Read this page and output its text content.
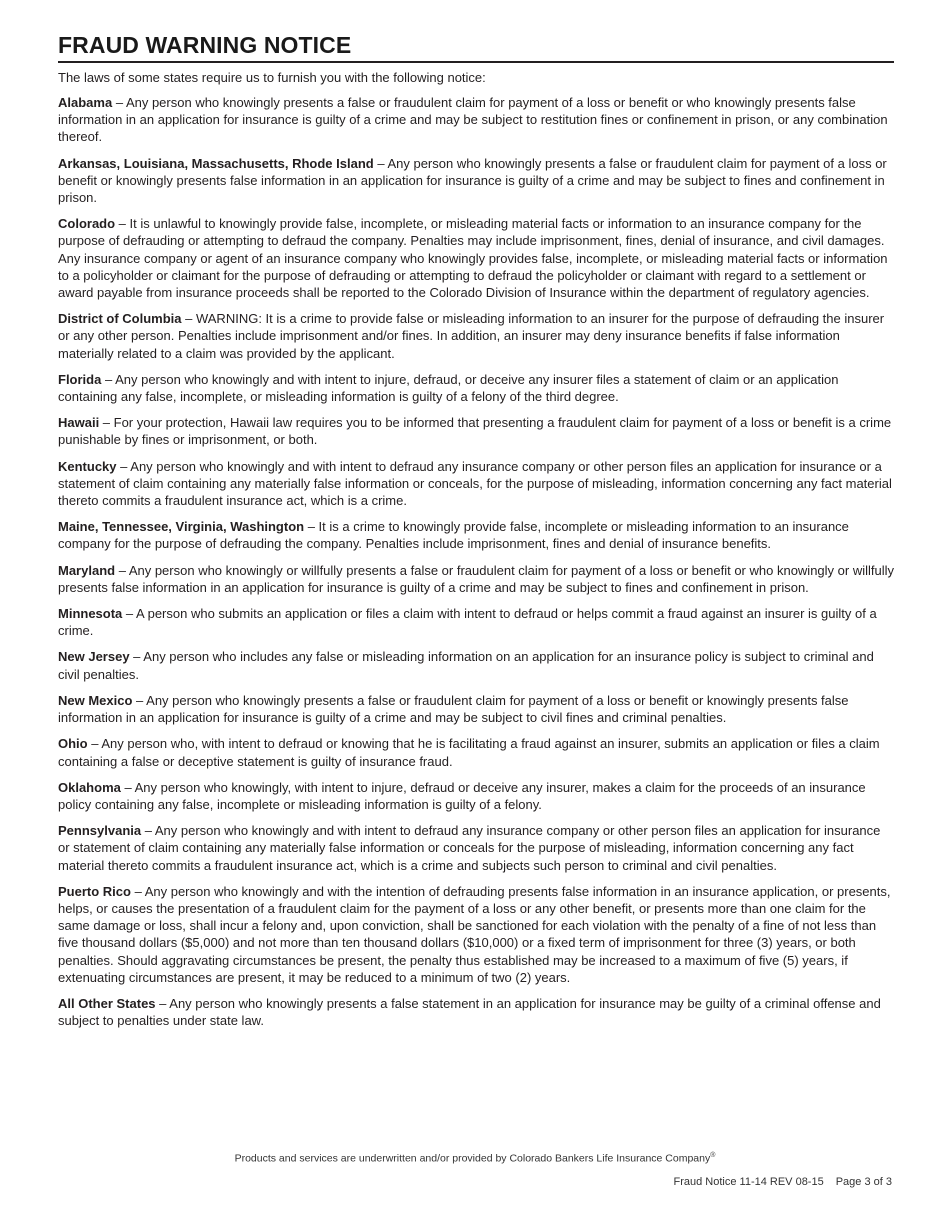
FRAUD WARNING NOTICE

The laws of some states require us to furnish you with the following notice:

Alabama – Any person who knowingly presents a false or fraudulent claim for payment of a loss or benefit or who knowingly presents false information in an application for insurance is guilty of a crime and may be subject to restitution fines or confinement in prison, or any combination thereof.

Arkansas, Louisiana, Massachusetts, Rhode Island – Any person who knowingly presents a false or fraudulent claim for payment of a loss or benefit or knowingly presents false information in an application for insurance is guilty of a crime and may be subject to fines and confinement in prison.

Colorado – It is unlawful to knowingly provide false, incomplete, or misleading material facts or information to an insurance company for the purpose of defrauding or attempting to defraud the company. Penalties may include imprisonment, fines, denial of insurance, and civil damages. Any insurance company or agent of an insurance company who knowingly provides false, incomplete, or misleading material facts or information to a policyholder or claimant for the purpose of defrauding or attempting to defraud the policyholder or claimant with regard to a settlement or award payable from insurance proceeds shall be reported to the Colorado Division of Insurance within the department of regulatory agencies.

District of Columbia – WARNING: It is a crime to provide false or misleading information to an insurer for the purpose of defrauding the insurer or any other person. Penalties include imprisonment and/or fines. In addition, an insurer may deny insurance benefits if false information materially related to a claim was provided by the applicant.

Florida – Any person who knowingly and with intent to injure, defraud, or deceive any insurer files a statement of claim or an application containing any false, incomplete, or misleading information is guilty of a felony of the third degree.

Hawaii – For your protection, Hawaii law requires you to be informed that presenting a fraudulent claim for payment of a loss or benefit is a crime punishable by fines or imprisonment, or both.

Kentucky – Any person who knowingly and with intent to defraud any insurance company or other person files an application for insurance or a statement of claim containing any materially false information or conceals, for the purpose of misleading, information concerning any fact material thereto commits a fraudulent insurance act, which is a crime.

Maine, Tennessee, Virginia, Washington – It is a crime to knowingly provide false, incomplete or misleading information to an insurance company for the purpose of defrauding the company. Penalties include imprisonment, fines and denial of insurance benefits.

Maryland – Any person who knowingly or willfully presents a false or fraudulent claim for payment of a loss or benefit or who knowingly or willfully presents false information in an application for insurance is guilty of a crime and may be subject to fines and confinement in prison.

Minnesota – A person who submits an application or files a claim with intent to defraud or helps commit a fraud against an insurer is guilty of a crime.

New Jersey – Any person who includes any false or misleading information on an application for an insurance policy is subject to criminal and civil penalties.

New Mexico – Any person who knowingly presents a false or fraudulent claim for payment of a loss or benefit or knowingly presents false information in an application for insurance is guilty of a crime and may be subject to civil fines and criminal penalties.

Ohio – Any person who, with intent to defraud or knowing that he is facilitating a fraud against an insurer, submits an application or files a claim containing a false or deceptive statement is guilty of insurance fraud.

Oklahoma – Any person who knowingly, with intent to injure, defraud or deceive any insurer, makes a claim for the proceeds of an insurance policy containing any false, incomplete or misleading information is guilty of a felony.

Pennsylvania – Any person who knowingly and with intent to defraud any insurance company or other person files an application for insurance or statement of claim containing any materially false information or conceals for the purpose of misleading, information concerning any fact material thereto commits a fraudulent insurance act, which is a crime and subjects such person to criminal and civil penalties.

Puerto Rico – Any person who knowingly and with the intention of defrauding presents false information in an insurance application, or presents, helps, or causes the presentation of a fraudulent claim for the payment of a loss or any other benefit, or presents more than one claim for the same damage or loss, shall incur a felony and, upon conviction, shall be sanctioned for each violation with the penalty of a fine of not less than five thousand dollars ($5,000) and not more than ten thousand dollars ($10,000) or a fixed term of imprisonment for three (3) years, or both penalties. Should aggravating circumstances be present, the penalty thus established may be increased to a maximum of five (5) years, if extenuating circumstances are present, it may be reduced to a minimum of two (2) years.

All Other States – Any person who knowingly presents a false statement in an application for insurance may be guilty of a criminal offense and subject to penalties under state law.

Products and services are underwritten and/or provided by Colorado Bankers Life Insurance Company®
Fraud Notice 11-14 REV 08-15 Page 3 of 3
